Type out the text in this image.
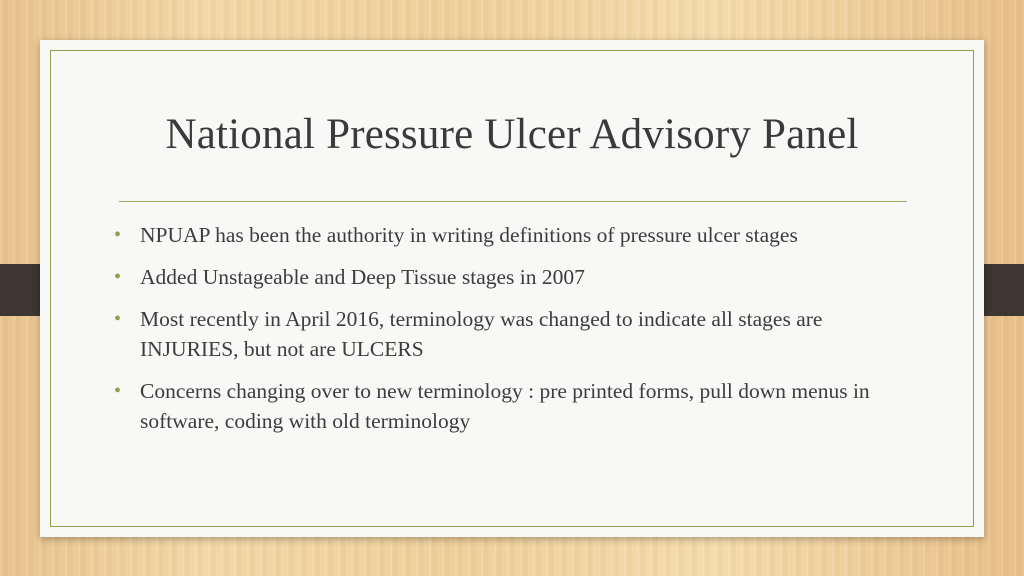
National Pressure Ulcer Advisory Panel
• NPUAP has been the authority in writing definitions of pressure ulcer stages
• Added Unstageable and Deep Tissue stages in 2007
• Most recently in April 2016, terminology was changed to indicate all stages are INJURIES, but not are ULCERS
• Concerns changing over to new terminology : pre printed forms, pull down menus in software, coding with old terminology
